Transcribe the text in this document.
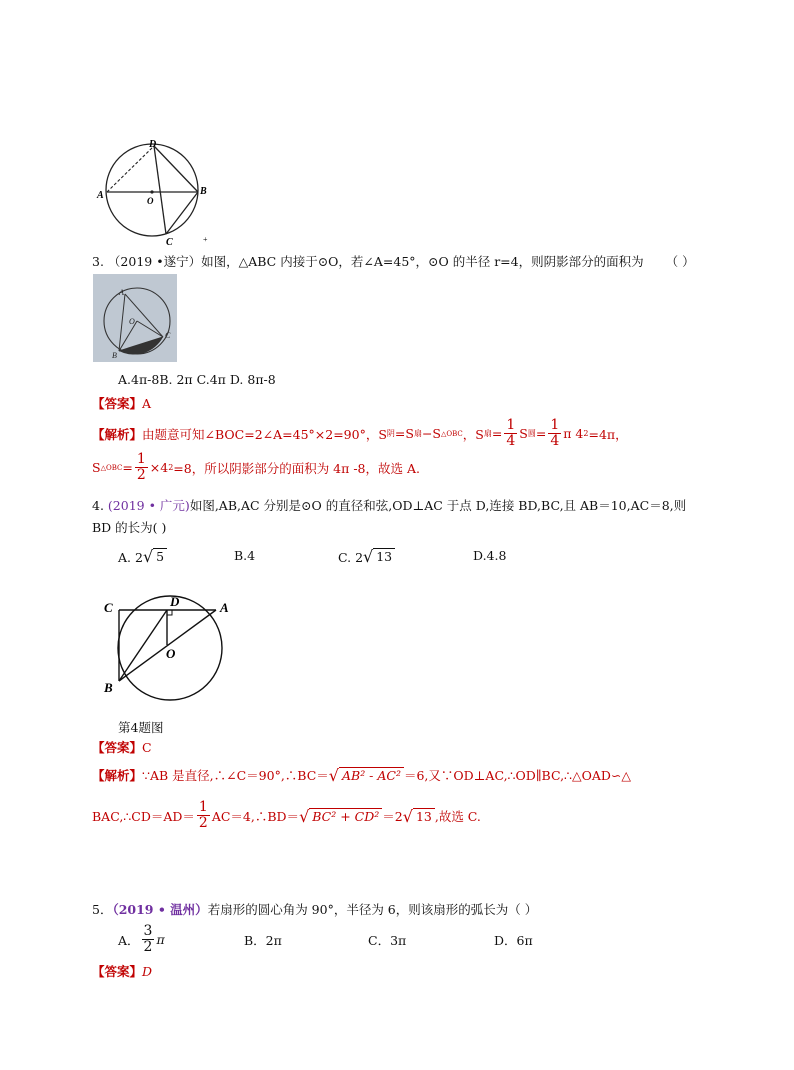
D
A	O
B
C	+
3. （2019 •遂宁）如图，△ABC 内接于⊙O，若∠A=45°，⊙O 的半径 r=4，则阴影部分的面积为 （ ）
A
O
C
B
A.4π-8B. 2π C.4π D. 8π-8
【答案】A
【解析】 由题意可知∠BOC=2∠A=45°×2=90°，S 阴 =S 扇 −S △OBC ，S 扇 = $\frac{1}{4}$ S 圆 = $\frac{1}{4}$ π 4 2 =4π，
S △OBC = $\frac{1}{2} \times 4$ 2 =8，所以阴影部分的面积为 4π -8，故选 A.
4. (2019 • 广元)如图,AB,AC 分别是⊙O 的直径和弦,OD⊥AC 于点 D,连接 BD,BC,且 AB＝10,AC＝8,则
BD 的长为( )
A. 2 √ 5	B.4	C. 2 √ 13	D.4.8
C	D	A
O
B
第4题图
【答案】C
【解析】 ∵AB 是直径,∴∠C＝90°,∴BC＝ √ AB² - AC² ＝6,又∵OD⊥AC,∴OD∥BC,∴△OAD∽△
BAC,∴CD＝AD＝ $\frac{1}{2}$ AC＝4,∴BD＝ √ BC² + CD² ＝2 √ 13 ,故选 C.
5．（2019 • 温州）若扇形的圆心角为 90°，半径为 6，则该扇形的弧长为（ ）
A． $\frac{3}{2}$ π	B．2π	C．3π	D．6π
【答案】D
